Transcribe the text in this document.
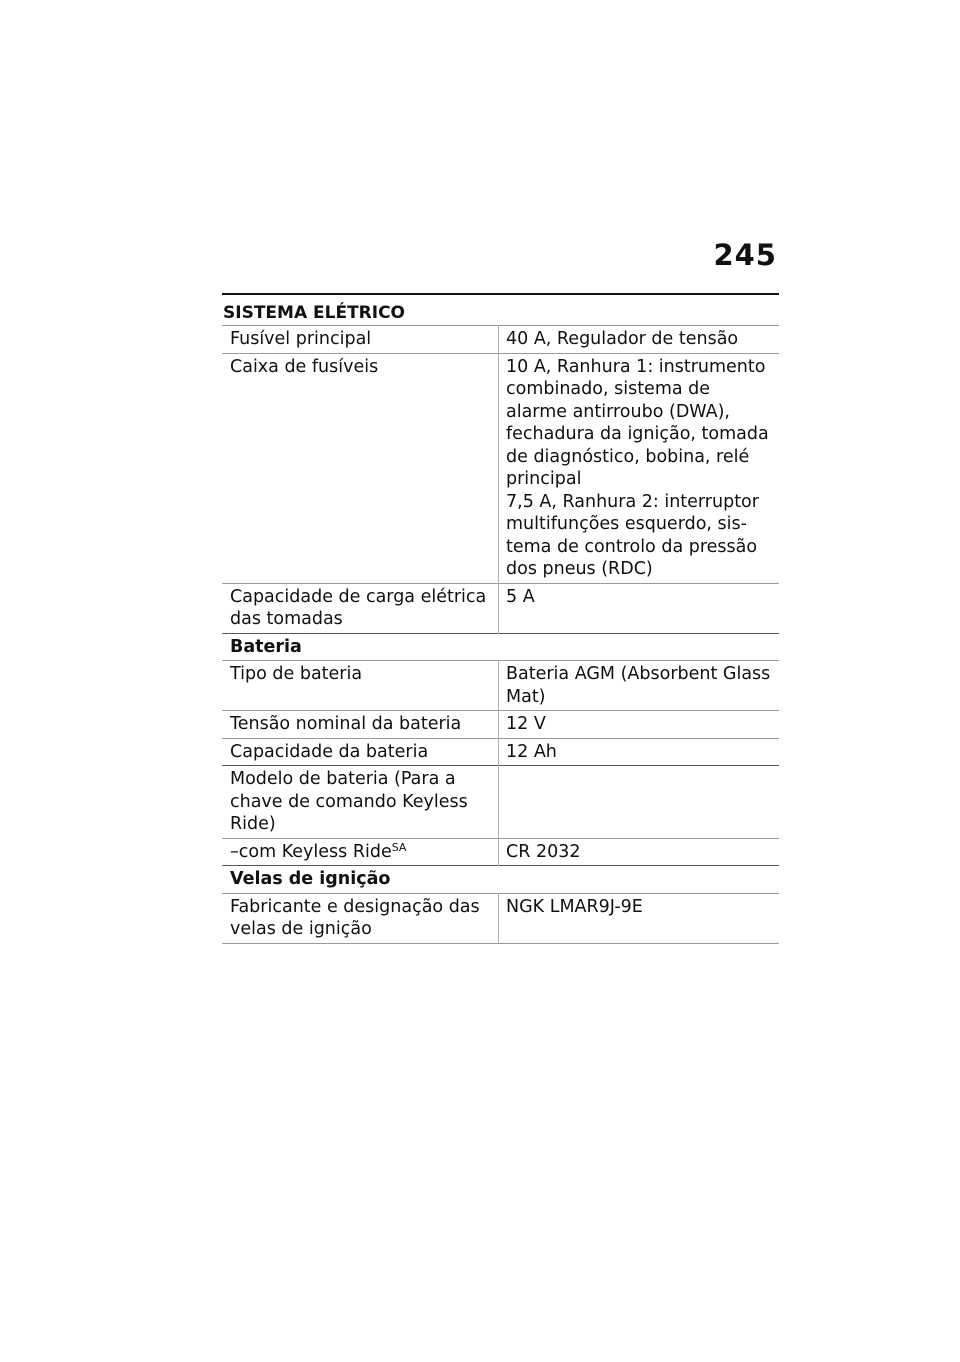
245
SISTEMA ELÉTRICO
Fusível principal	40 A, Regulador de tensão
Caixa de fusíveis	10 A, Ranhura 1: instrumento combinado, sistema de alarme antirroubo (DWA), fechadura da ignição, tomada de diagnóstico, bobina, relé principal
7,5 A, Ranhura 2: interruptor multifunções esquerdo, sistema de controlo da pressão dos pneus (RDC)

Capacidade de carga elétrica das tomadas	5 A
Bateria	
Tipo de bateria	Bateria AGM (Absorbent Glass Mat)
Tensão nominal da bateria	12 V
Capacidade da bateria	12 Ah
Modelo de bateria (Para a chave de comando Keyless Ride)	
–com Keyless Ride$^{SA}$	CR 2032
Velas de ignição	
Fabricante e designação das velas de ignição	NGK LMAR9J-9E
